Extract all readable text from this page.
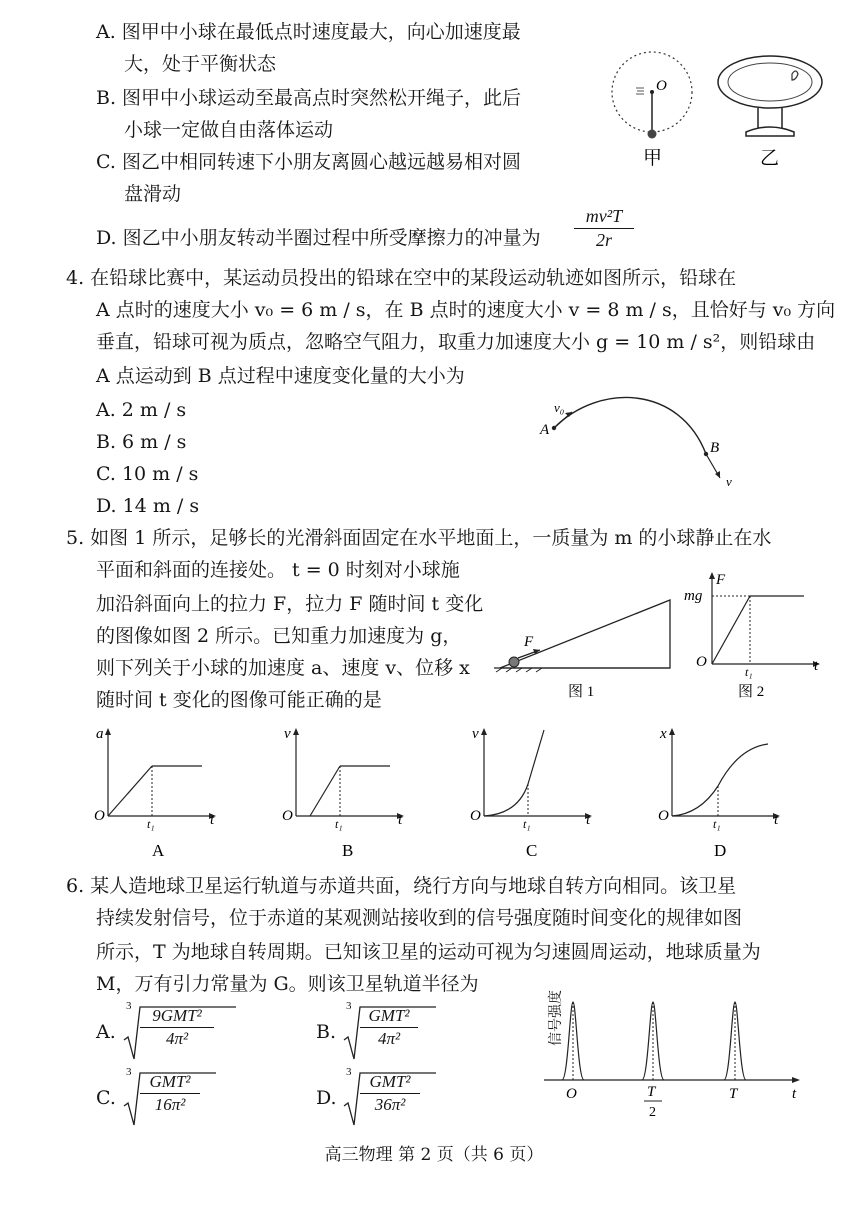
A. 图甲中小球在最低点时速度最大，向心加速度最
大，处于平衡状态
B. 图甲中小球运动至最高点时突然松开绳子，此后
小球一定做自由落体运动
C. 图乙中相同转速下小朋友离圆心越远越易相对圆
盘滑动
D. 图乙中小朋友转动半圈过程中所受摩擦力的冲量为
mv²T
2r
O
甲	乙
4. 在铅球比赛中，某运动员投出的铅球在空中的某段运动轨迹如图所示，铅球在
A 点时的速度大小 v₀ = 6 m / s，在 B 点时的速度大小 v = 8 m / s，且恰好与 v₀ 方向
垂直，铅球可视为质点，忽略空气阻力，取重力加速度大小 g = 10 m / s²，则铅球由
A 点运动到 B 点过程中速度变化量的大小为
A. 2 m / s
B. 6 m / s
C. 10 m / s
D. 14 m / s
v₀
A
B
v
5. 如图 1 所示，足够长的光滑斜面固定在水平地面上，一质量为 m 的小球静止在水
平面和斜面的连接处。 t = 0 时刻对小球施
加沿斜面向上的拉力 F，拉力 F 随时间 t 变化
的图像如图 2 所示。已知重力加速度为 g，
则下列关于小球的加速度 a、速度 v、位移 x
随时间 t 变化的图像可能正确的是
F
图 1
F
mg
O
t₁	t
图 2
a
O	t₁	t
A
v
O	t₁	t
B
v
O	t₁	t
C
x
O	t₁	t
D
6. 某人造地球卫星运行轨道与赤道共面，绕行方向与地球自转方向相同。该卫星
持续发射信号，位于赤道的某观测站接收到的信号强度随时间变化的规律如图
所示，T 为地球自转周期。已知该卫星的运动可视为匀速圆周运动，地球质量为
M，万有引力常量为 G。则该卫星轨道半径为
A.
3	9GMT²
4π²	B.
3	GMT²
4π²
C.
3	GMT²
16π²	D.
3	GMT²
36π²
O	T
2
T	t
信号强度
高三物理 第 2 页（共 6 页）
